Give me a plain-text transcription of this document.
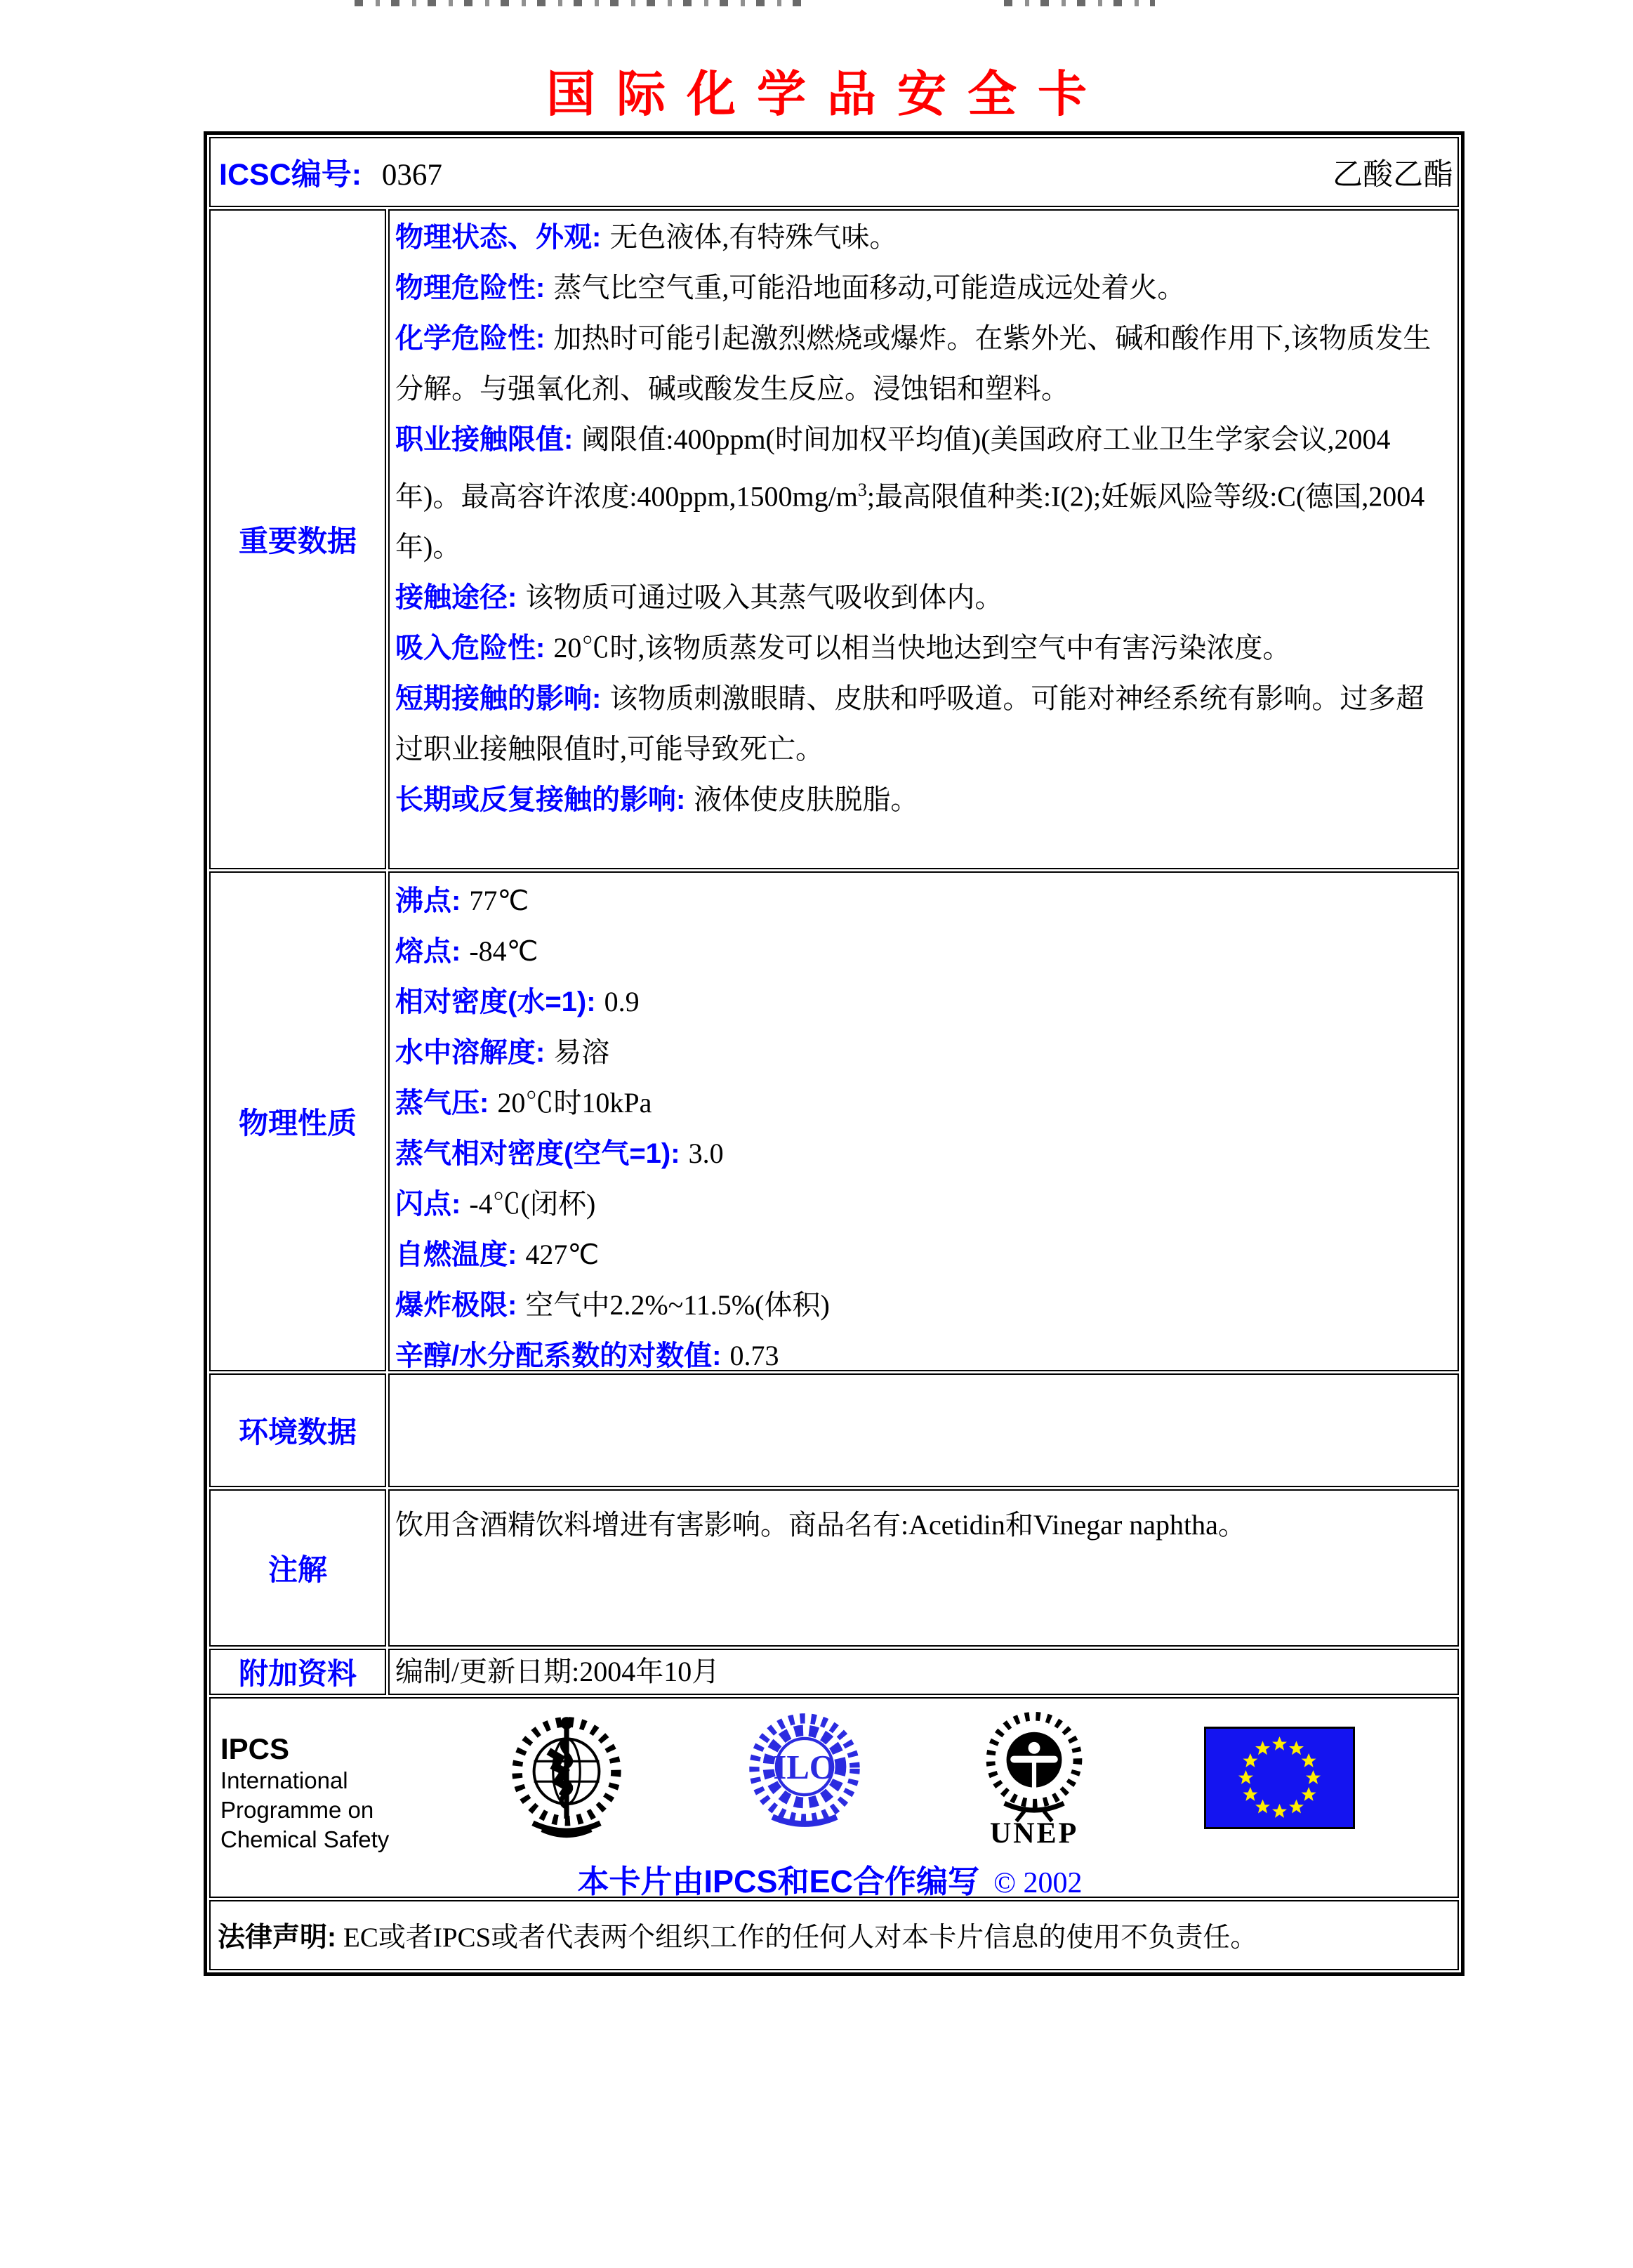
国际化学品安全卡
ICSC编号: 0367	乙酸乙酯
重要数据
物理状态、外观: 无色液体,有特殊气味。
物理危险性: 蒸气比空气重,可能沿地面移动,可能造成远处着火。
化学危险性: 加热时可能引起激烈燃烧或爆炸。在紫外光、碱和酸作用下,该物质发生分解。与强氧化剂、碱或酸发生反应。浸蚀铝和塑料。
职业接触限值: 阈限值:400ppm(时间加权平均值)(美国政府工业卫生学家会议,2004年)。最高容许浓度$:400ppm,1500mg/m^3$;最高限值种类:I(2);妊娠风险等级:C(德国,2004年)。
接触途径: 该物质可通过吸入其蒸气吸收到体内。
吸入危险性: 20℃时,该物质蒸发可以相当快地达到空气中有害污染浓度。
短期接触的影响: 该物质刺激眼睛、皮肤和呼吸道。可能对神经系统有影响。过多超过职业接触限值时,可能导致死亡。
长期或反复接触的影响: 液体使皮肤脱脂。
物理性质
沸点: 77℃
熔点: -84℃
相对密度(水=1): 0.9
水中溶解度: 易溶
蒸气压: 20℃时10kPa
蒸气相对密度(空气=1): 3.0
闪点: -4℃(闭杯)
自燃温度: 427℃
爆炸极限: 空气中2.2%~11.5%(体积)
辛醇/水分配系数的对数值: 0.73
环境数据
注解
饮用含酒精饮料增进有害影响。商品名有:Acetidin和Vinegar naphtha。
附加资料	编制/更新日期:2004年10月
IPCS
International
Programme on
Chemical Safety
ILO
UNEP
本卡片由IPCS和EC合作编写 © 2002
法律声明: EC或者IPCS或者代表两个组织工作的任何人对本卡片信息的使用不负责任。
